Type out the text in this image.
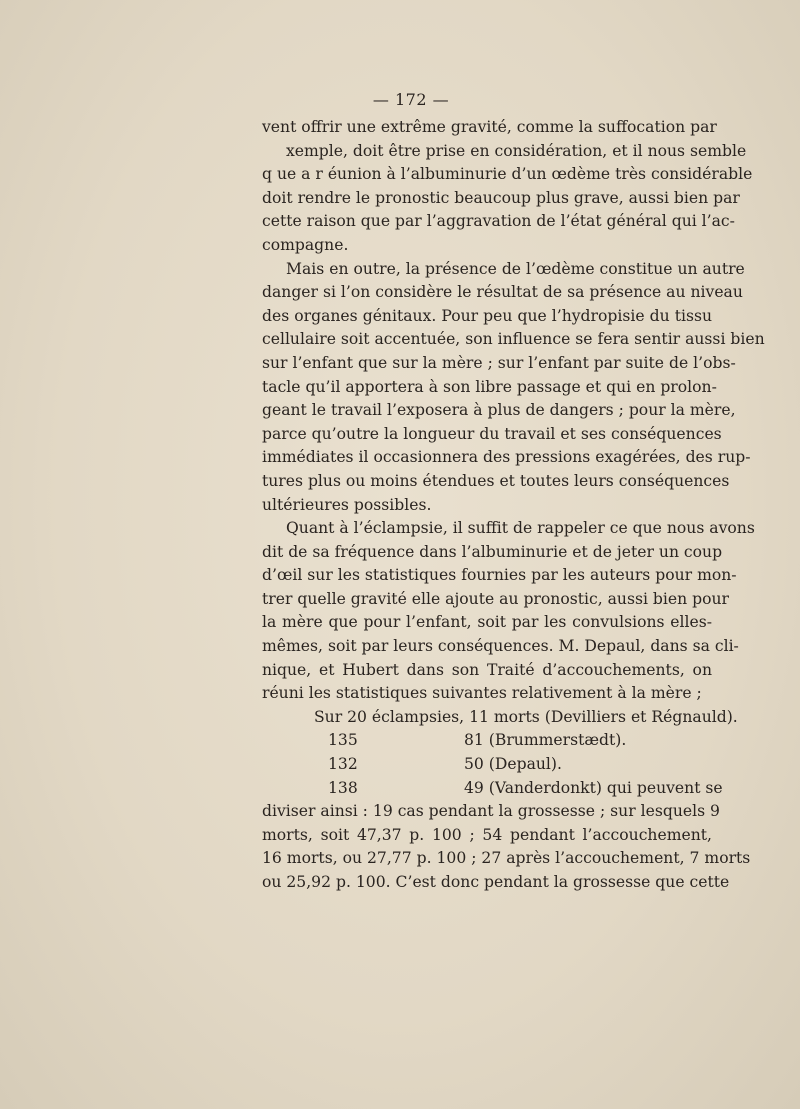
— 172 —
vent offrir une extrême gravité, comme la suffocation par
xemple, doit être prise en considération, et il nous semble
q ue a r éunion à l’albuminurie d’un œdème très considérable
doit rendre le pronostic beaucoup plus grave, aussi bien par
cette raison que par l’aggravation de l’état général qui l’ac-
compagne.
Mais en outre, la présence de l’œdème constitue un autre
danger si l’on considère le résultat de sa présence au niveau
des organes génitaux. Pour peu que l’hydropisie du tissu
cellulaire soit accentuée, son influence se fera sentir aussi bien
sur l’enfant que sur la mère ; sur l’enfant par suite de l’obs-
tacle qu’il apportera à son libre passage et qui en prolon-
geant le travail l’exposera à plus de dangers ; pour la mère,
parce qu’outre la longueur du travail et ses conséquences
immédiates il occasionnera des pressions exagérées, des rup-
tures plus ou moins étendues et toutes leurs conséquences
ultérieures possibles.
Quant à l’éclampsie, il suffit de rappeler ce que nous avons
dit de sa fréquence dans l’albuminurie et de jeter un coup
d’œil sur les statistiques fournies par les auteurs pour mon-
trer quelle gravité elle ajoute au pronostic, aussi bien pour
la mère que pour l’enfant, soit par les convulsions elles-
mêmes, soit par leurs conséquences. M. Depaul, dans sa cli-
nique, et Hubert dans son Traité d’accouchements, on
réuni les statistiques suivantes relativement à la mère ;
Sur 20 éclampsies, 11 morts (Devilliers et Régnauld).
135	81 (Brummerstædt).
132	50 (Depaul).
138	49 (Vanderdonkt) qui peuvent se
diviser ainsi : 19 cas pendant la grossesse ; sur lesquels 9
morts, soit 47,37 p. 100 ; 54 pendant l’accouchement,
16 morts, ou 27,77 p. 100 ; 27 après l’accouchement, 7 morts
ou 25,92 p. 100. C’est donc pendant la grossesse que cette
